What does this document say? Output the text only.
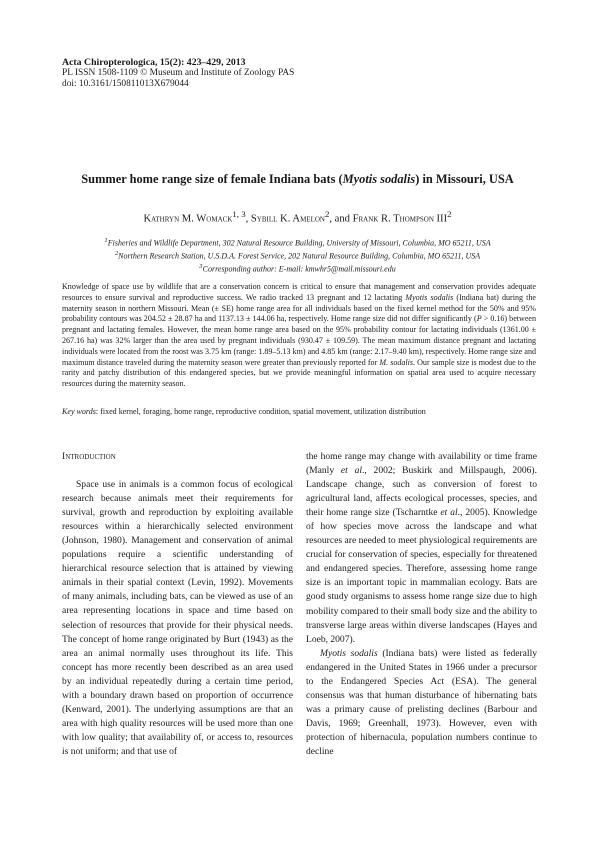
Acta Chiropterologica, 15(2): 423–429, 2013
PL ISSN 1508-1109 © Museum and Institute of Zoology PAS
doi: 10.3161/150811013X679044
Summer home range size of female Indiana bats (Myotis sodalis) in Missouri, USA
Kathryn M. Womack$^{1, 3}$, Sybill K. Amelon$^2$, and Frank R. Thompson III$^2$
$^1$Fisheries and Wildlife Department, 302 Natural Resource Building, University of Missouri, Columbia, MO 65211, USA
$^2$Northern Research Station, U.S.D.A. Forest Service, 202 Natural Resource Building, Columbia, MO 65211, USA
$^3$Corresponding author: E-mail: kmwhr5@mail.missouri.edu

Knowledge of space use by wildlife that are a conservation concern is critical to ensure that management and conservation provides adequate resources to ensure survival and reproductive success. We radio tracked 13 pregnant and 12 lactating Myotis sodalis (Indiana bat) during the maternity season in northern Missouri. Mean (± SE) home range area for all individuals based on the fixed kernel method for the 50% and 95% probability contours was 204.52 ± 28.87 ha and 1137.13 ± 144.06 ha, respectively. Home range size did not differ significantly (P > 0.16) between pregnant and lactating females. However, the mean home range area based on the 95% probability contour for lactating individuals (1361.00 ± 267.16 ha) was 32% larger than the area used by pregnant individuals (930.47 ± 109.59). The mean maximum distance pregnant and lactating individuals were located from the roost was 3.75 km (range: 1.89–5.13 km) and 4.85 km (range: 2.17–9.40 km), respectively. Home range size and maximum distance traveled during the maternity season were greater than previously reported for M. sodalis. Our sample size is modest due to the rarity and patchy distribution of this endangered species, but we provide meaningful information on spatial area used to acquire necessary resources during the maternity season.

Key words: fixed kernel, foraging, home range, reproductive condition, spatial movement, utilization distribution
Introduction

Space use in animals is a common focus of ecological research because animals meet their requirements for survival, growth and reproduction by exploiting available resources within a hierarchically selected environment (Johnson, 1980). Management and conservation of animal populations require a scientific understanding of hierarchical resource selection that is attained by viewing animals in their spatial context (Levin, 1992). Movements of many animals, including bats, can be viewed as use of an area representing locations in space and time based on selection of resources that provide for their physical needs. The concept of home range originated by Burt (1943) as the area an animal normally uses throughout its life. This concept has more recently been described as an area used by an individual repeatedly during a certain time period, with a boundary drawn based on proportion of occurrence (Kenward, 2001). The underlying assumptions are that an area with high quality resources will be used more than one with low quality; that availability of, or access to, resources is not uniform; and that use of

the home range may change with availability or time frame (Manly et al., 2002; Buskirk and Millspaugh, 2006). Landscape change, such as conversion of forest to agricultural land, affects ecological processes, species, and their home range size (Tscharntke et al., 2005). Knowledge of how species move across the landscape and what resources are needed to meet physiological requirements are crucial for conservation of species, especially for threatened and endangered species. Therefore, assessing home range size is an important topic in mammalian ecology. Bats are good study organisms to assess home range size due to high mobility compared to their small body size and the ability to transverse large areas within diverse landscapes (Hayes and Loeb, 2007).

Myotis sodalis (Indiana bats) were listed as federally endangered in the United States in 1966 under a precursor to the Endangered Species Act (ESA). The general consensus was that human disturbance of hibernating bats was a primary cause of prelisting declines (Barbour and Davis, 1969; Greenhall, 1973). However, even with protection of hibernacula, population numbers continue to decline
